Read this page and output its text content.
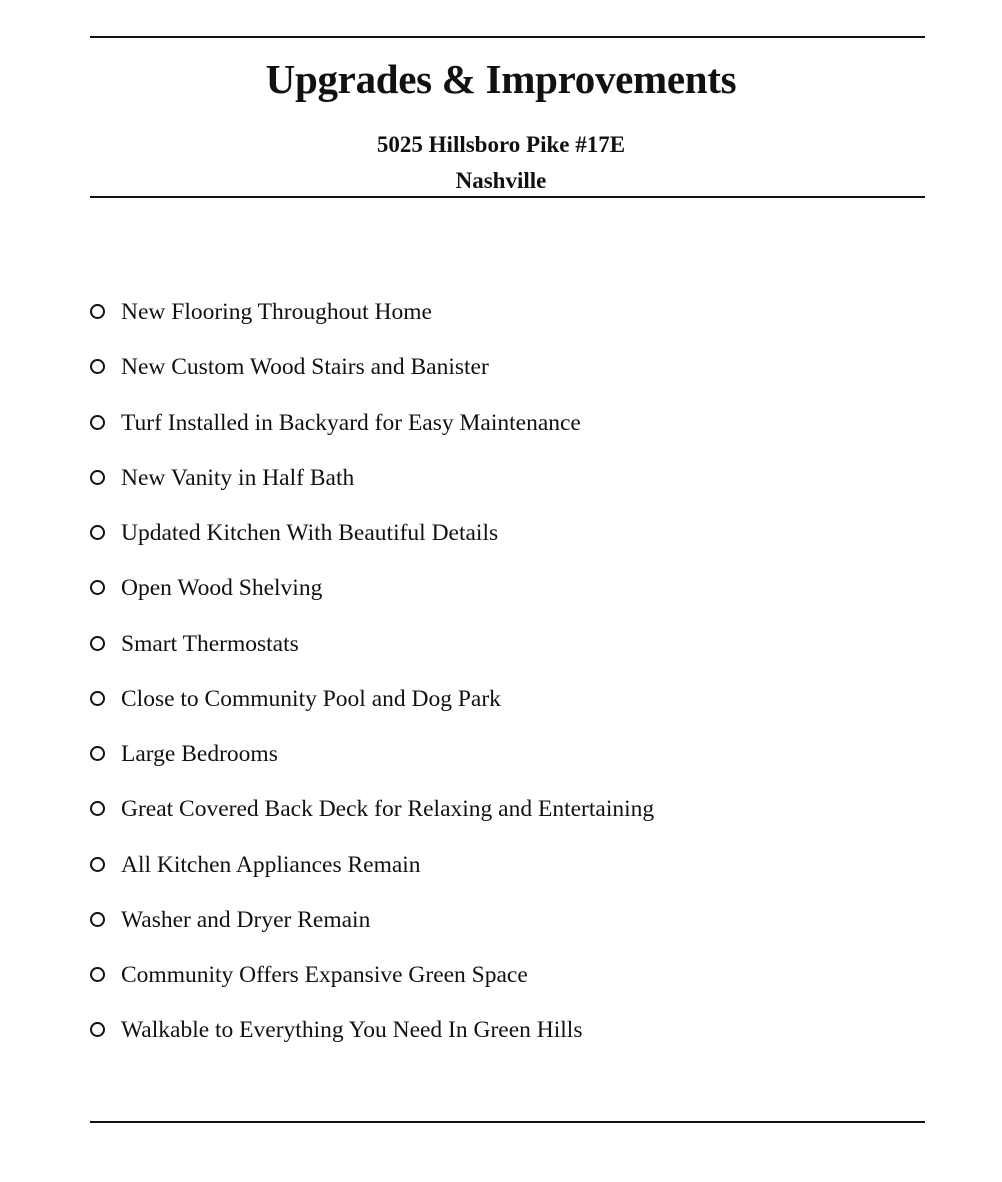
Upgrades & Improvements
5025 Hillsboro Pike #17E
Nashville
New Flooring Throughout Home
New Custom Wood Stairs and Banister
Turf Installed in Backyard for Easy Maintenance
New Vanity in Half Bath
Updated Kitchen With Beautiful Details
Open Wood Shelving
Smart Thermostats
Close to Community Pool and Dog Park
Large Bedrooms
Great Covered Back Deck for Relaxing and Entertaining
All Kitchen Appliances Remain
Washer and Dryer Remain
Community Offers Expansive Green Space
Walkable to Everything You Need In Green Hills
